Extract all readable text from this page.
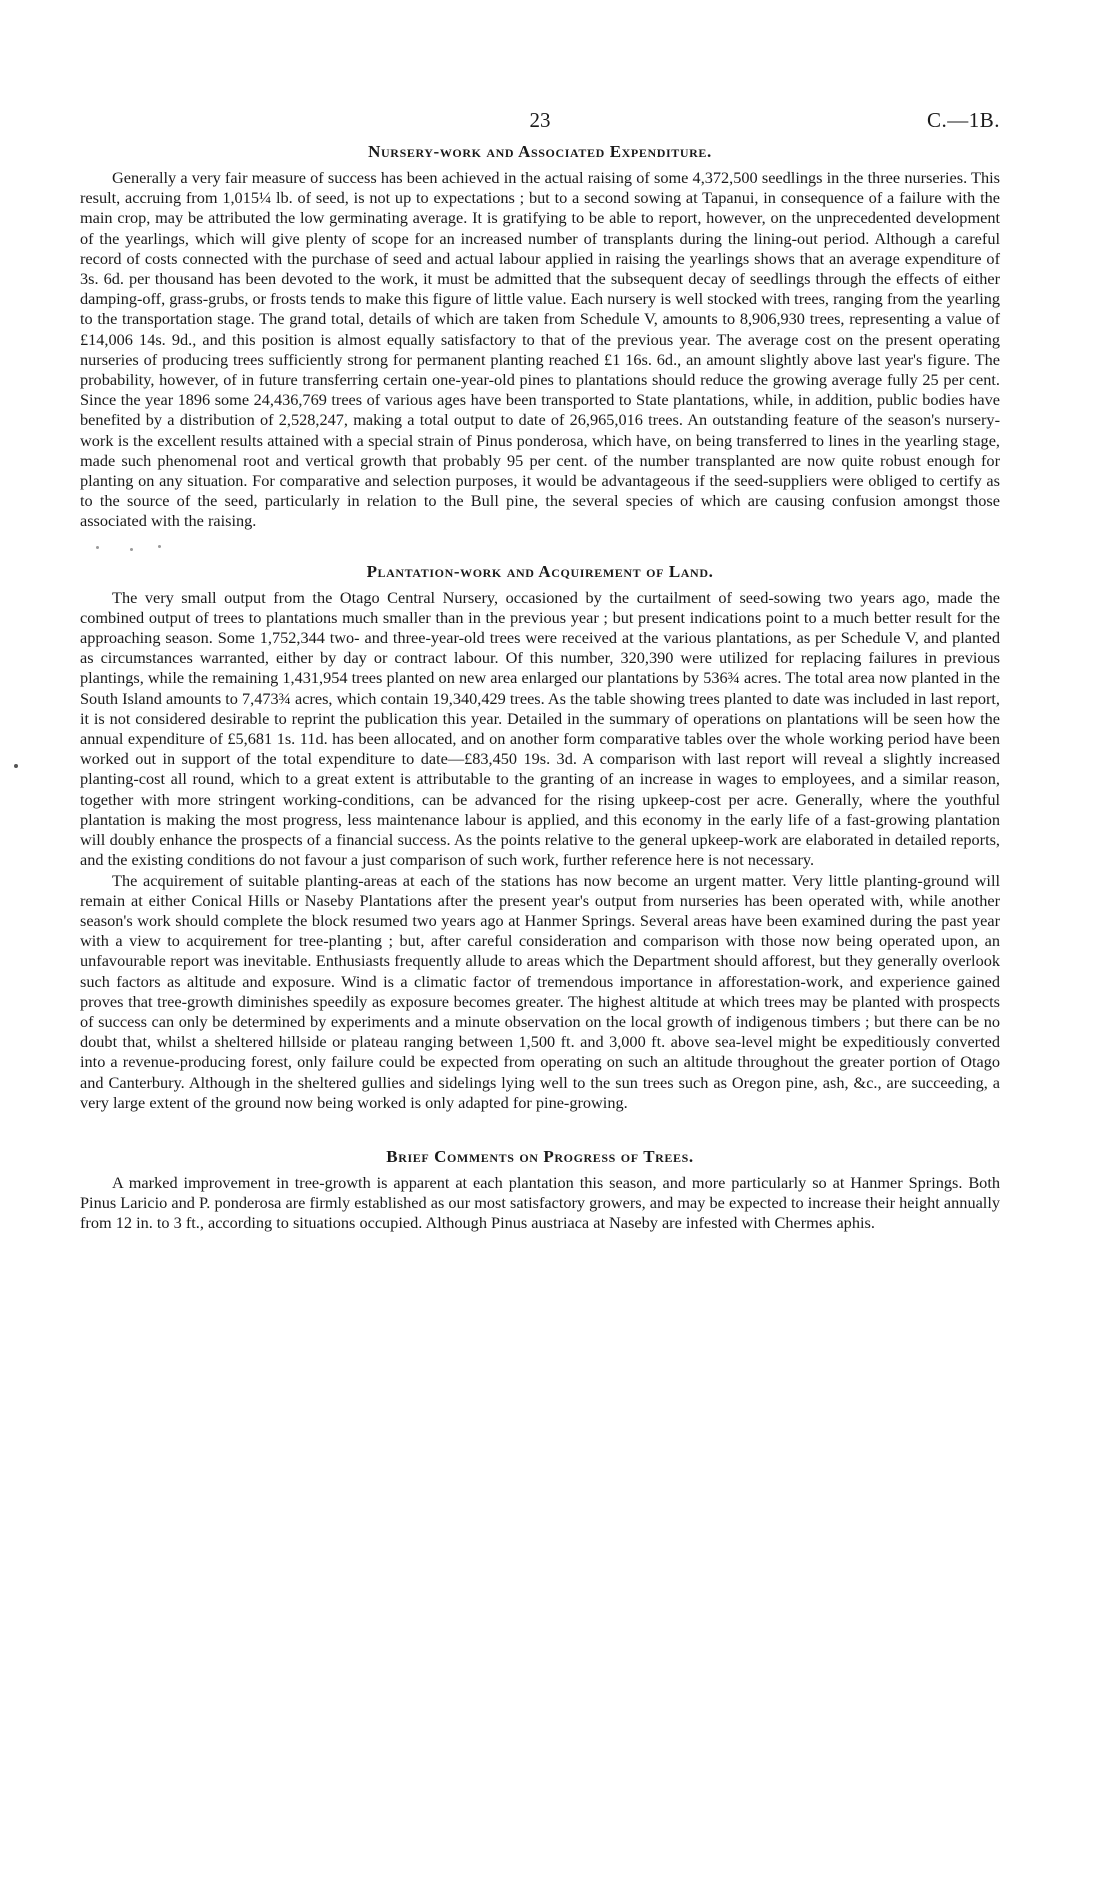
23	C.—1B.
Nursery-work and Associated Expenditure.

Generally a very fair measure of success has been achieved in the actual raising of some 4,372,500 seedlings in the three nurseries. This result, accruing from 1,015¼ lb. of seed, is not up to expectations ; but to a second sowing at Tapanui, in consequence of a failure with the main crop, may be attributed the low germinating average. It is gratifying to be able to report, however, on the unprecedented development of the yearlings, which will give plenty of scope for an increased number of transplants during the lining-out period. Although a careful record of costs connected with the purchase of seed and actual labour applied in raising the yearlings shows that an average expenditure of 3s. 6d. per thousand has been devoted to the work, it must be admitted that the subsequent decay of seedlings through the effects of either damping-off, grass-grubs, or frosts tends to make this figure of little value. Each nursery is well stocked with trees, ranging from the yearling to the transportation stage. The grand total, details of which are taken from Schedule V, amounts to 8,906,930 trees, representing a value of £14,006 14s. 9d., and this position is almost equally satisfactory to that of the previous year. The average cost on the present operating nurseries of producing trees sufficiently strong for permanent planting reached £1 16s. 6d., an amount slightly above last year's figure. The probability, however, of in future transferring certain one-year-old pines to plantations should reduce the growing average fully 25 per cent. Since the year 1896 some 24,436,769 trees of various ages have been transported to State plantations, while, in addition, public bodies have benefited by a distribution of 2,528,247, making a total output to date of 26,965,016 trees. An outstanding feature of the season's nursery-work is the excellent results attained with a special strain of Pinus ponderosa, which have, on being transferred to lines in the yearling stage, made such phenomenal root and vertical growth that probably 95 per cent. of the number transplanted are now quite robust enough for planting on any situation. For comparative and selection purposes, it would be advantageous if the seed-suppliers were obliged to certify as to the source of the seed, particularly in relation to the Bull pine, the several species of which are causing confusion amongst those associated with the raising.

Plantation-work and Acquirement of Land.

The very small output from the Otago Central Nursery, occasioned by the curtailment of seed-sowing two years ago, made the combined output of trees to plantations much smaller than in the previous year ; but present indications point to a much better result for the approaching season. Some 1,752,344 two- and three-year-old trees were received at the various plantations, as per Schedule V, and planted as circumstances warranted, either by day or contract labour. Of this number, 320,390 were utilized for replacing failures in previous plantings, while the remaining 1,431,954 trees planted on new area enlarged our plantations by 536¾ acres. The total area now planted in the South Island amounts to 7,473¾ acres, which contain 19,340,429 trees. As the table showing trees planted to date was included in last report, it is not considered desirable to reprint the publication this year. Detailed in the summary of operations on plantations will be seen how the annual expenditure of £5,681 1s. 11d. has been allocated, and on another form comparative tables over the whole working period have been worked out in support of the total expenditure to date—£83,450 19s. 3d. A comparison with last report will reveal a slightly increased planting-cost all round, which to a great extent is attributable to the granting of an increase in wages to employees, and a similar reason, together with more stringent working-conditions, can be advanced for the rising upkeep-cost per acre. Generally, where the youthful plantation is making the most progress, less maintenance labour is applied, and this economy in the early life of a fast-growing plantation will doubly enhance the prospects of a financial success. As the points relative to the general upkeep-work are elaborated in detailed reports, and the existing conditions do not favour a just comparison of such work, further reference here is not necessary.

The acquirement of suitable planting-areas at each of the stations has now become an urgent matter. Very little planting-ground will remain at either Conical Hills or Naseby Plantations after the present year's output from nurseries has been operated with, while another season's work should complete the block resumed two years ago at Hanmer Springs. Several areas have been examined during the past year with a view to acquirement for tree-planting ; but, after careful consideration and comparison with those now being operated upon, an unfavourable report was inevitable. Enthusiasts frequently allude to areas which the Department should afforest, but they generally overlook such factors as altitude and exposure. Wind is a climatic factor of tremendous importance in afforestation-work, and experience gained proves that tree-growth diminishes speedily as exposure becomes greater. The highest altitude at which trees may be planted with prospects of success can only be determined by experiments and a minute observation on the local growth of indigenous timbers ; but there can be no doubt that, whilst a sheltered hillside or plateau ranging between 1,500 ft. and 3,000 ft. above sea-level might be expeditiously converted into a revenue-producing forest, only failure could be expected from operating on such an altitude throughout the greater portion of Otago and Canterbury. Although in the sheltered gullies and sidelings lying well to the sun trees such as Oregon pine, ash, &c., are succeeding, a very large extent of the ground now being worked is only adapted for pine-growing.

Brief Comments on Progress of Trees.

A marked improvement in tree-growth is apparent at each plantation this season, and more particularly so at Hanmer Springs. Both Pinus Laricio and P. ponderosa are firmly established as our most satisfactory growers, and may be expected to increase their height annually from 12 in. to 3 ft., according to situations occupied. Although Pinus austriaca at Naseby are infested with Chermes aphis.
